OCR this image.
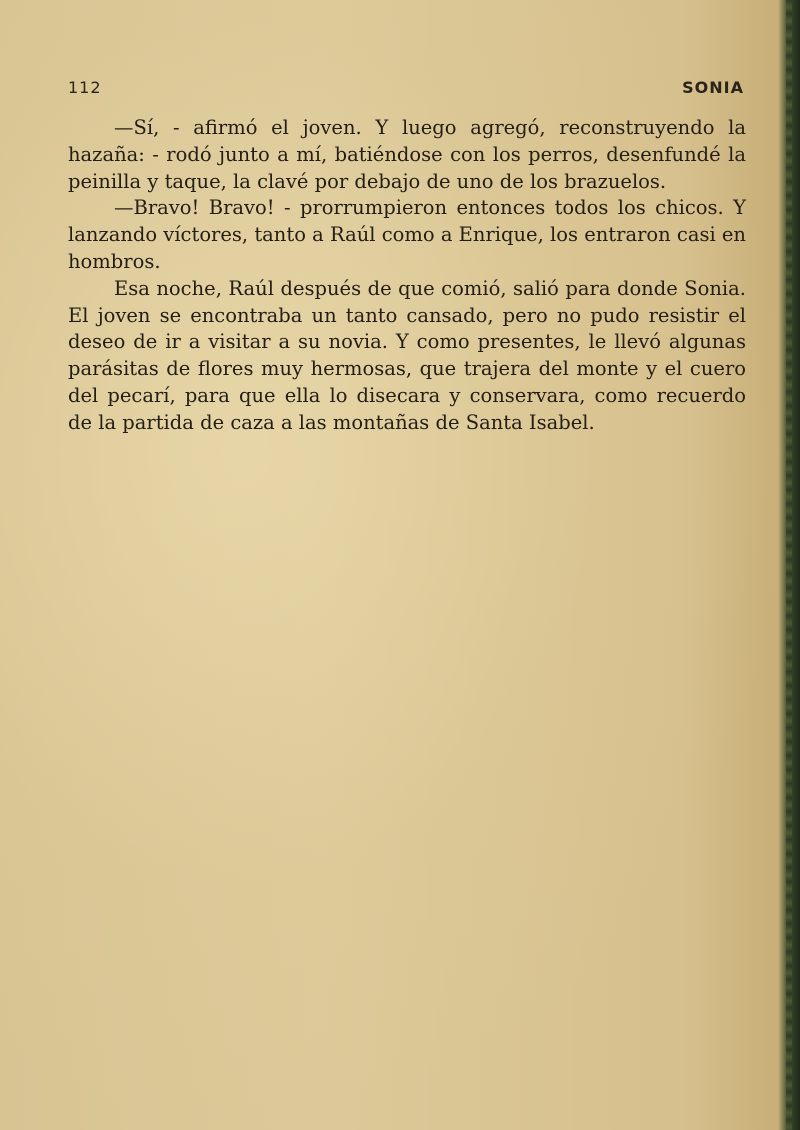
112	SONIA

—Sí, - afirmó el joven. Y luego agregó, reconstruyendo la hazaña: - rodó junto a mí, batiéndose con los perros, desenfundé la peinilla y taque, la clavé por debajo de uno de los brazuelos.

—Bravo! Bravo! - prorrumpieron entonces todos los chicos. Y lanzando víctores, tanto a Raúl como a Enrique, los entraron casi en hombros.

Esa noche, Raúl después de que comió, salió para donde Sonia. El joven se encontraba un tanto cansado, pero no pudo resistir el deseo de ir a visitar a su novia. Y como presentes, le llevó algunas parásitas de flores muy hermosas, que trajera del monte y el cuero del pecarí, para que ella lo disecara y conservara, como recuerdo de la partida de caza a las montañas de Santa Isabel.
